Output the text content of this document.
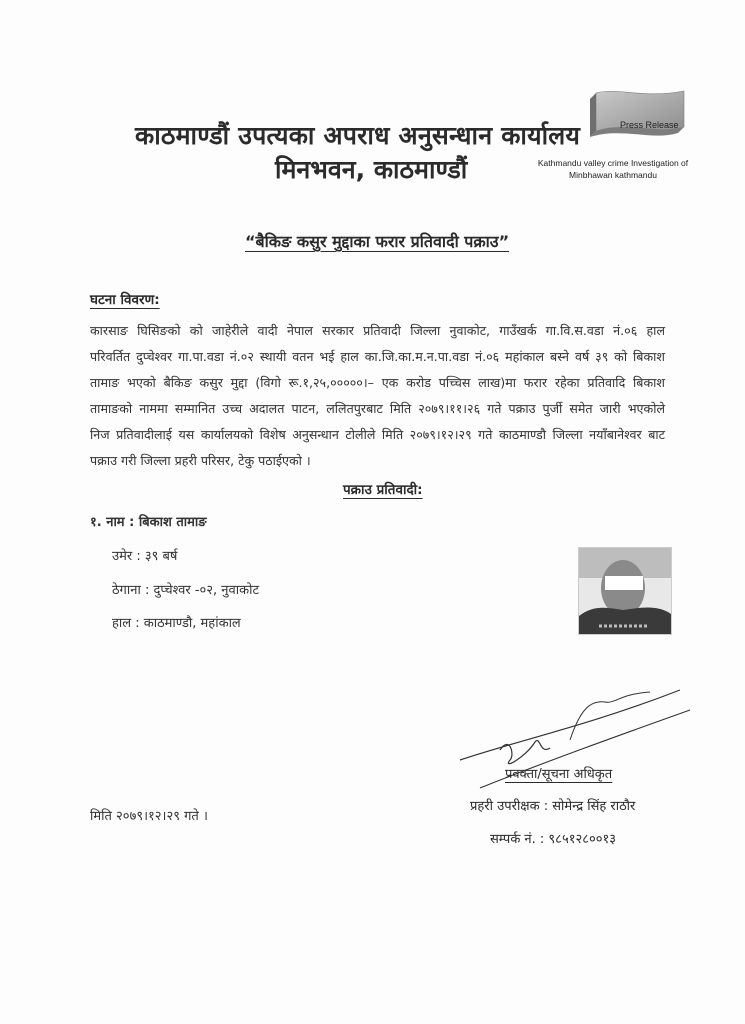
काठमाण्डौं उपत्यका अपराध अनुसन्धान कार्यालय
मिनभवन, काठमाण्डौं
Press Release
Kathmandu valley crime Investigation of
Minbhawan kathmandu
“बैकिङ कसुर मुद्दाका फरार प्रतिवादी पक्राउ”
घटना विवरण:
कारसाङ घिसिङको को जाहेरीले वादी नेपाल सरकार प्रतिवादी जिल्ला नुवाकोट, गाउँखर्क गा.वि.स.वडा नं.०६ हाल
परिवर्तित दुप्चेश्वर गा.पा.वडा नं.०२ स्थायी वतन भई हाल का.जि.का.म.न.पा.वडा नं.०६ महांकाल बस्ने वर्ष ३९ को बिकाश
तामाङ भएको बैकिङ कसुर मुद्दा (विगो रू.१,२५,०००००।– एक करोड पच्चिस लाख)मा फरार रहेका प्रतिवादि बिकाश
तामाङको नाममा सम्मानित उच्च अदालत पाटन, ललितपुरबाट मिति २०७९।११।२६ गते पक्राउ पुर्जी समेत जारी भएकोले
निज प्रतिवादीलाई यस कार्यालयको विशेष अनुसन्धान टोलीले मिति २०७९।१२।२९ गते काठमाण्डौ जिल्ला नयाँबानेश्वर बाट
पक्राउ गरी जिल्ला प्रहरी परिसर, टेकु पठाईएको ।
पक्राउ प्रतिवादी:
१. नाम : बिकाश तामाङ
उमेर : ३९ बर्ष
ठेगाना : दुप्चेश्वर -०२, नुवाकोट
हाल : काठमाण्डौ, महांकाल
मिति २०७९।१२।२९ गते ।
प्रवक्ता/सूचना अधिकृत
प्रहरी उपरीक्षक : सोमेन्द्र सिंह राठौर
सम्पर्क नं. : ९८५१२८००१३
